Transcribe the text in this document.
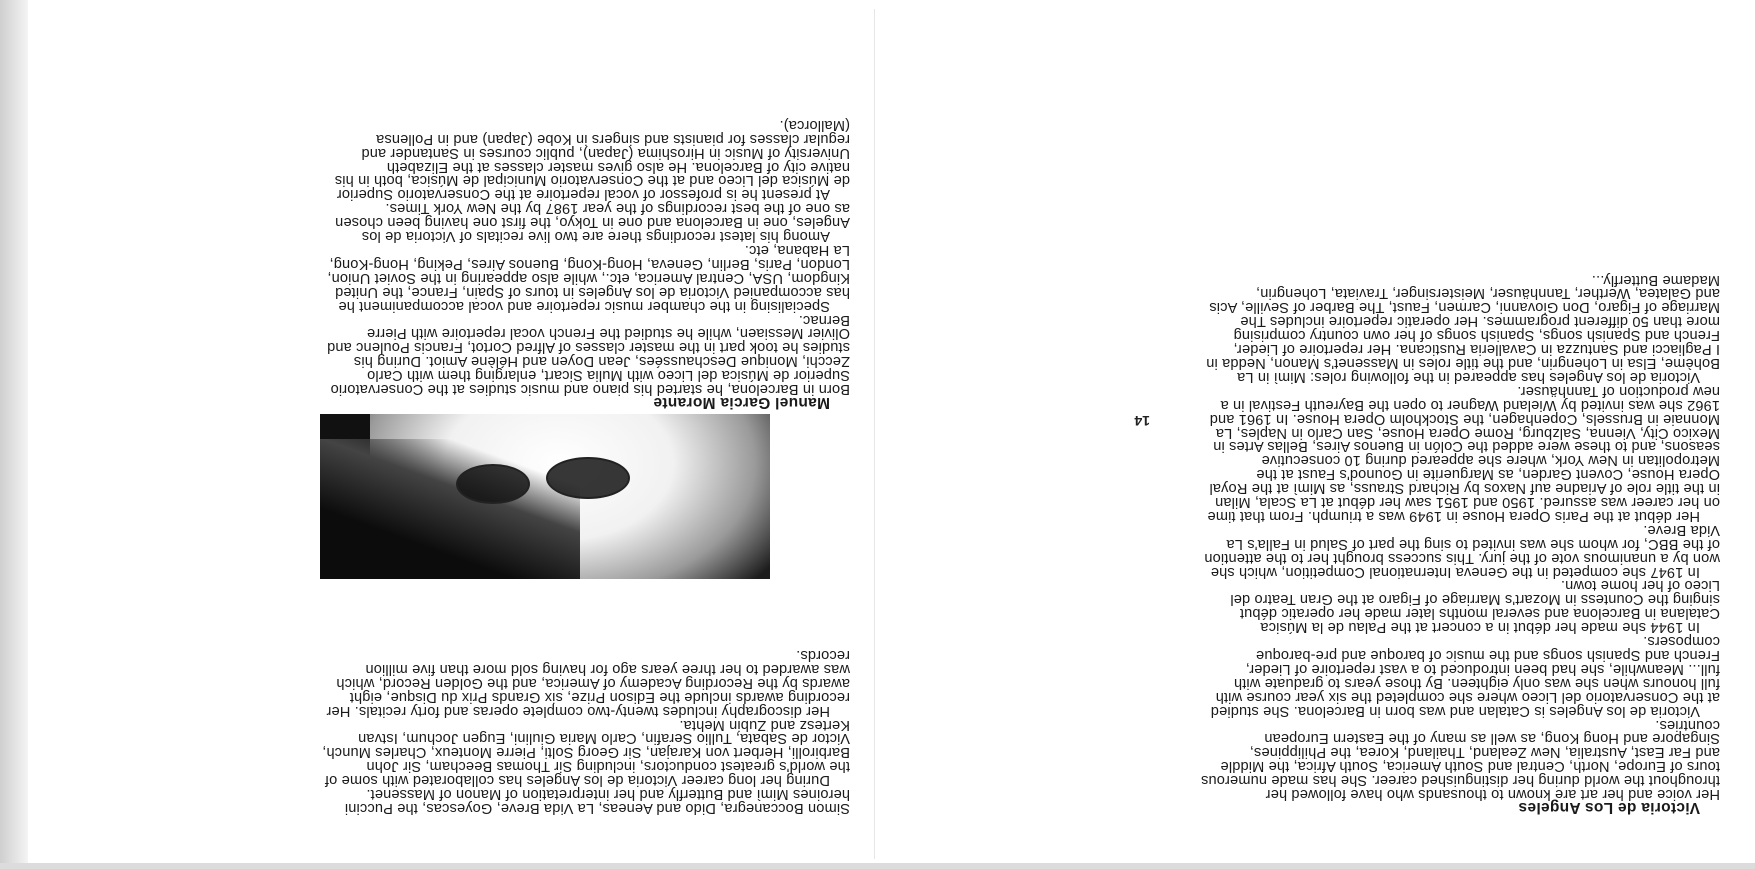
Victoria de Los Angeles

Her voice and her art are known to thousands who have followed her throughout the world during her distinguished career. She has made numerous tours of Europe, North, Central and South America, South Africa, the Middle and Far East, Australia, New Zealand, Thailand, Korea, the Philippines, Singapore and Hong Kong, as well as many of the Eastern European countries.

Victoria de los Angeles is Catalan and was born in Barcelona. She studied at the Conservatorio del Liceo where she completed the six year course with full honours when she was only eighteen. By those years to graduate with full... Meanwhile, she had been introduced to a vast repertoire of Lieder, French and Spanish songs and the music of baroque and pre-baroque composers.

In 1944 she made her début in a concert at the Palau de la Música Catalana in Barcelona and several months later made her operatic début singing the Countess in Mozart's Marriage of Figaro at the Gran Teatro del Liceo of her home town.

In 1947 she competed in the Geneva International Competition, which she won by a unanimous vote of the jury. This success brought her to the attention of the BBC, for whom she was invited to sing the part of Salud in Falla's La Vida Breve.

Her début at the Paris Opera House in 1949 was a triumph. From that time on her career was assured. 1950 and 1951 saw her début at La Scala, Milan in the title role of Ariadne auf Naxos by Richard Strauss, as Mimì at the Royal Opera House, Covent Garden, as Marguerite in Gounod's Faust at the Metropolitan in New York, where she appeared during 10 consecutive seasons, and to these were added the Colón in Buenos Aires, Bellas Artes in Mexico City, Vienna, Salzburg, Rome Opera House, San Carlo in Naples, La Monnaie in Brussels, Copenhagen, the Stockholm Opera House. In 1961 and 1962 she was invited by Wieland Wagner to open the Bayreuth Festival in a new production of Tannhäuser.

Victoria de los Angeles has appeared in the following roles: Mimì in La Bohème, Elsa in Lohengrin, and the title roles in Massenet's Manon, Nedda in I Pagliacci and Santuzza in Cavalleria Rusticana. Her repertoire of Lieder, French and Spanish songs, Spanish songs of her own country comprising more than 50 different programmes. Her operatic repertoire includes The Marriage of Figaro, Don Giovanni, Carmen, Faust, The Barber of Seville, Acis and Galatea, Werther, Tannhäuser, Meistersinger, Traviata, Lohengrin, Madame Butterfly...

14

Simon Boccanegra, Dido and Aeneas, La Vida Breve, Goyescas, the Puccini heroines Mimì and Butterfly and her interpretation of Manon of Massenet.

During her long career Victoria de los Angeles has collaborated with some of the world's greatest conductors, including Sir Thomas Beecham, Sir John Barbirolli, Herbert von Karajan, Sir Georg Solti, Pierre Monteux, Charles Munch, Victor de Sabata, Tullio Serafin, Carlo Maria Giulini, Eugen Jochum, Istvan Kertesz and Zubin Mehta.

Her discography includes twenty-two complete operas and forty recitals. Her recording awards include the Edison Prize, six Grands Prix du Disque, eight awards by the Recording Academy of America, and the Golden Record, which was awarded to her three years ago for having sold more than five million records.

Manuel Garcia Morante

Born in Barcelona, he started his piano and music studies at the Conservatorio Superior de Música del Liceo with Mulia Sicart, enlarging them with Carlo Zecchi, Monique Deschaussées, Jean Doyen and Hélène Amiot. During his studies he took part in the master classes of Alfred Cortot, Francis Poulenc and Olivier Messiaen, while he studied the French vocal repertoire with Pierre Bernac.

Specialising in the chamber music repertoire and vocal accompaniment he has accompanied Victoria de los Angeles in tours of Spain, France, the United Kingdom, USA, Central America, etc., while also appearing in the Soviet Union, London, Paris, Berlin, Geneva, Hong-Kong, Buenos Aires, Peking, Hong-Kong, La Habana, etc.

Among his latest recordings there are two live recitals of Victoria de los Angeles, one in Barcelona and one in Tokyo, the first one having been chosen as one of the best recordings of the year 1987 by the New York Times.

At present he is professor of vocal repertoire at the Conservatorio Superior de Música del Liceo and at the Conservatorio Municipal de Música, both in his native city of Barcelona. He also gives master classes at the Elizabeth University of Music in Hiroshima (Japan), public courses in Santander and regular classes for pianists and singers in Kobe (Japan) and in Pollensa (Mallorca).
